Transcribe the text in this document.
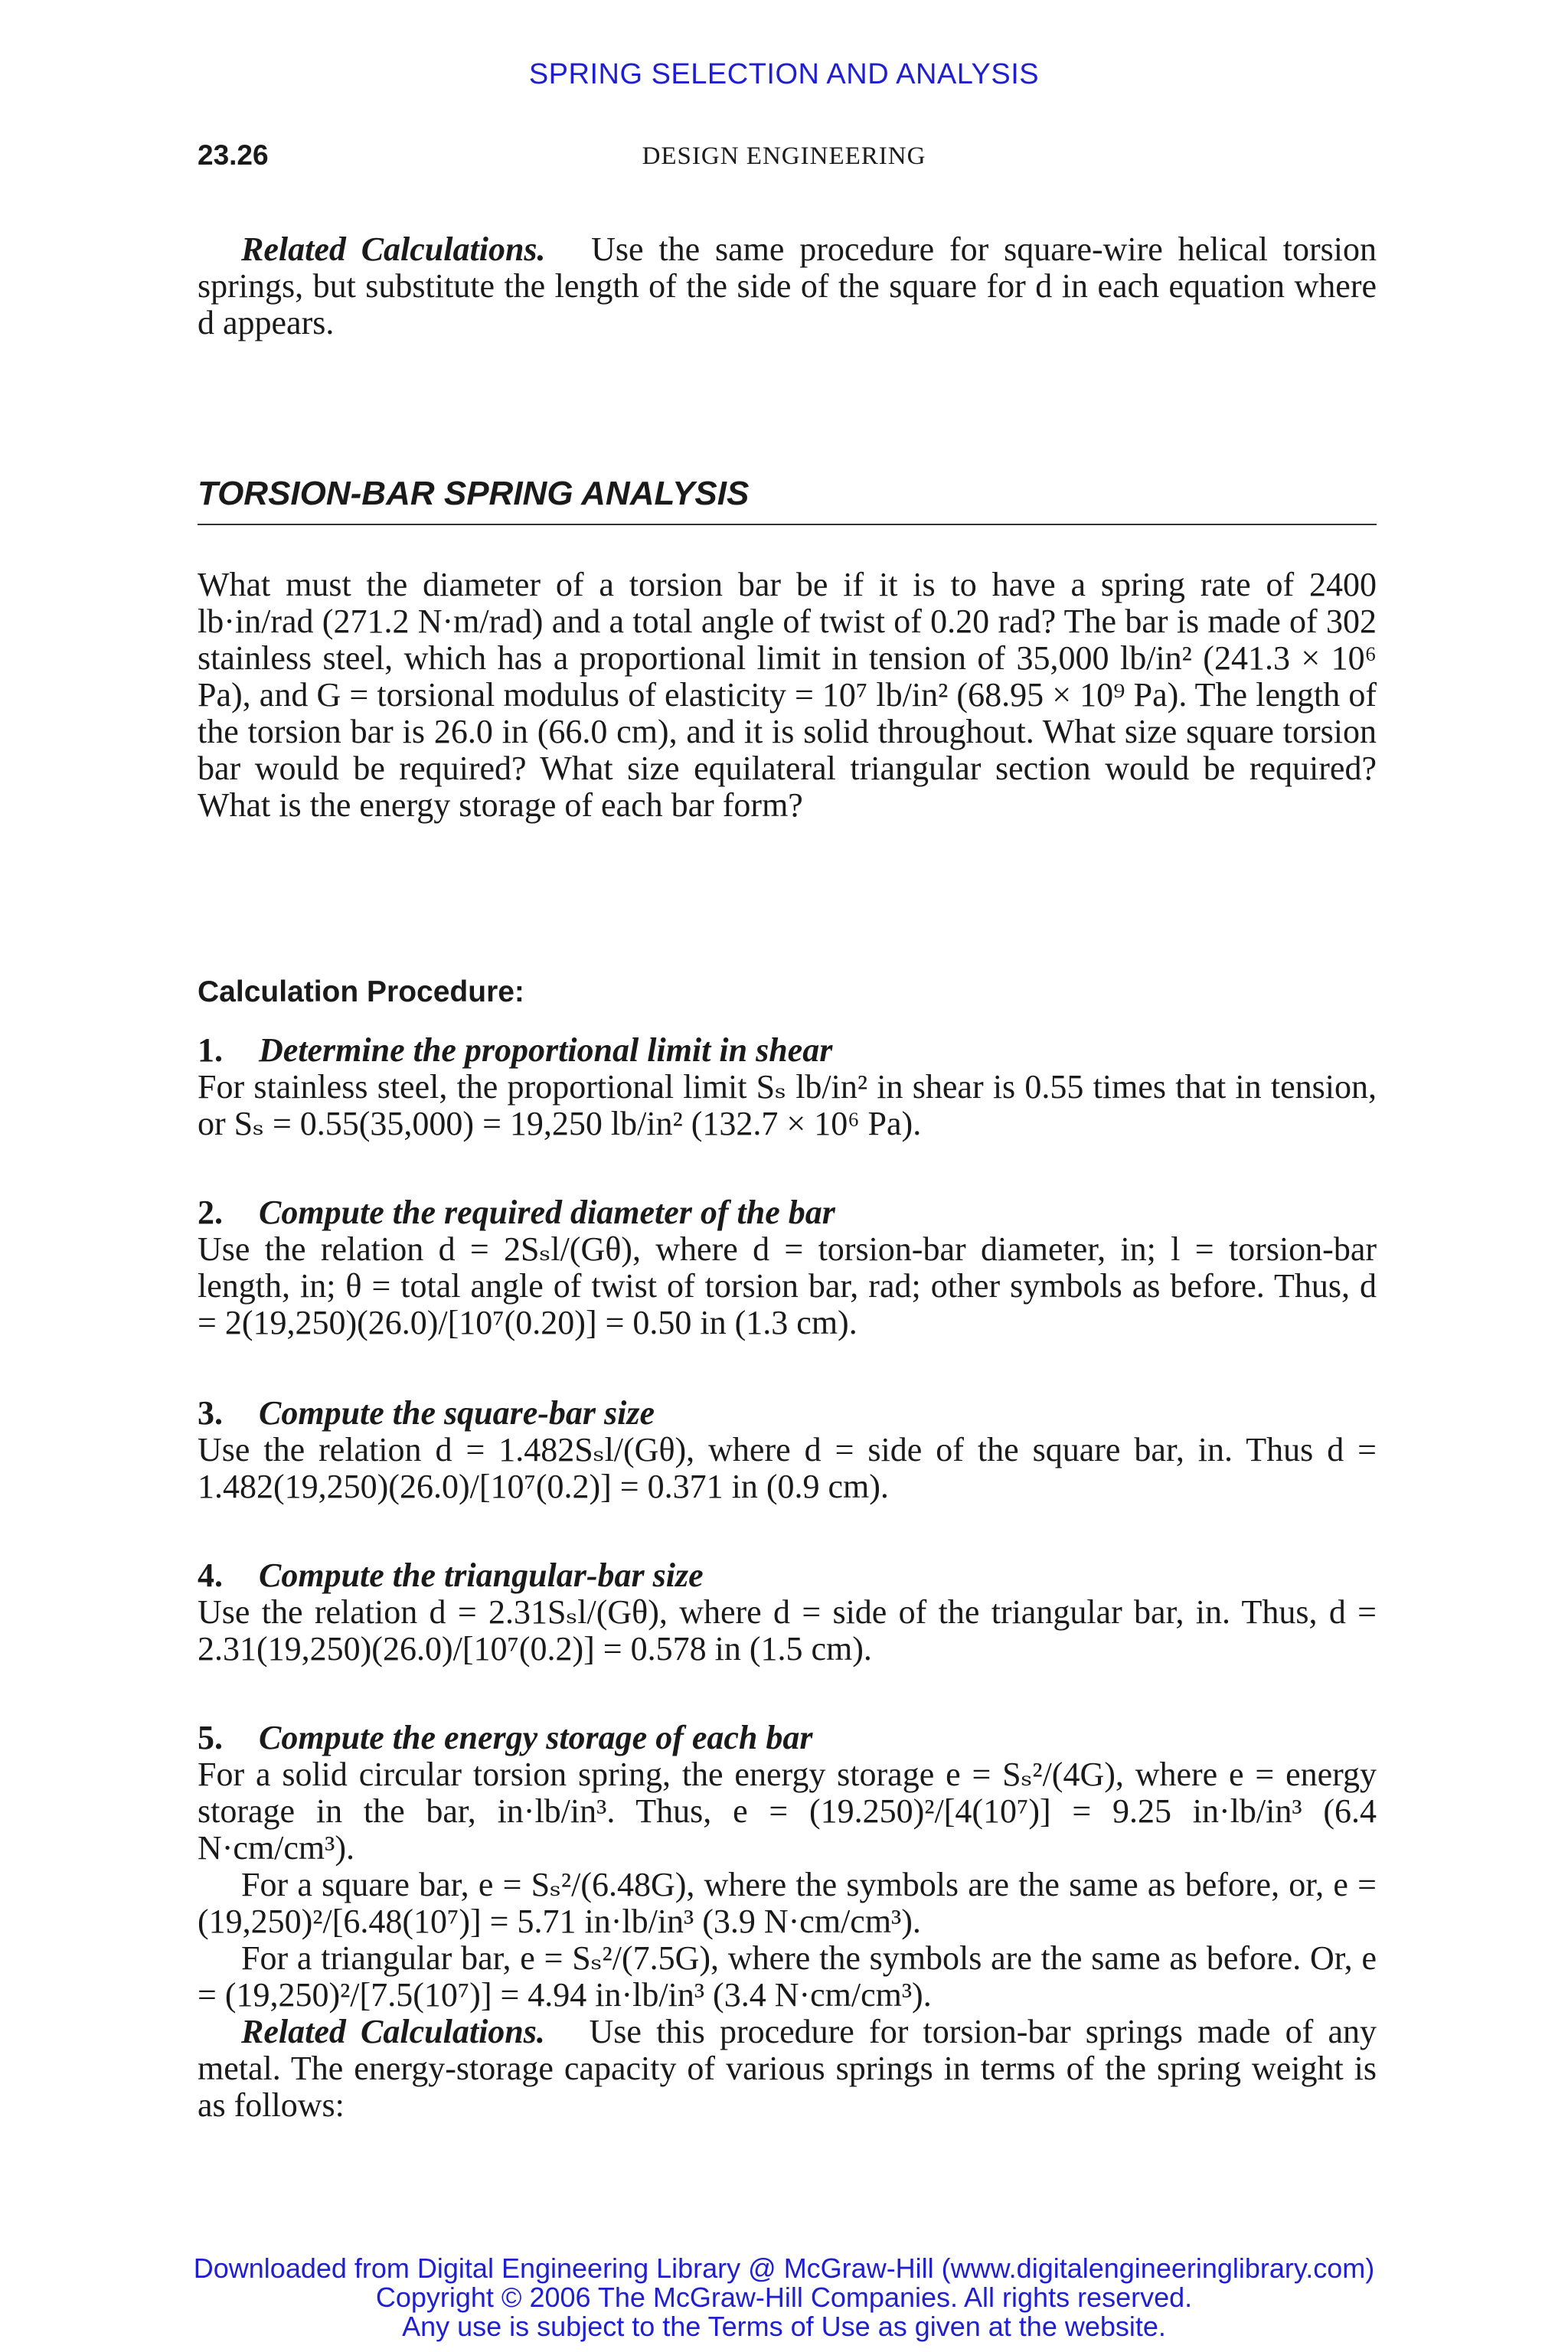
SPRING SELECTION AND ANALYSIS
23.26	DESIGN ENGINEERING
Related Calculations. Use the same procedure for square-wire helical torsion springs, but substitute the length of the side of the square for d in each equation where d appears.
TORSION-BAR SPRING ANALYSIS
What must the diameter of a torsion bar be if it is to have a spring rate of 2400 lb·in/rad (271.2 N·m/rad) and a total angle of twist of 0.20 rad? The bar is made of 302 stainless steel, which has a proportional limit in tension of 35,000 lb/in² (241.3 × 10⁶ Pa), and G = torsional modulus of elasticity = 10⁷ lb/in² (68.95 × 10⁹ Pa). The length of the torsion bar is 26.0 in (66.0 cm), and it is solid throughout. What size square torsion bar would be required? What size equilateral triangular section would be required? What is the energy storage of each bar form?
Calculation Procedure:
1. Determine the proportional limit in shear
For stainless steel, the proportional limit Sₛ lb/in² in shear is 0.55 times that in tension, or Sₛ = 0.55(35,000) = 19,250 lb/in² (132.7 × 10⁶ Pa).
2. Compute the required diameter of the bar
Use the relation d = 2Sₛl/(Gθ), where d = torsion-bar diameter, in; l = torsion-bar length, in; θ = total angle of twist of torsion bar, rad; other symbols as before. Thus, d = 2(19,250)(26.0)/[10⁷(0.20)] = 0.50 in (1.3 cm).
3. Compute the square-bar size
Use the relation d = 1.482Sₛl/(Gθ), where d = side of the square bar, in. Thus d = 1.482(19,250)(26.0)/[10⁷(0.2)] = 0.371 in (0.9 cm).
4. Compute the triangular-bar size
Use the relation d = 2.31Sₛl/(Gθ), where d = side of the triangular bar, in. Thus, d = 2.31(19,250)(26.0)/[10⁷(0.2)] = 0.578 in (1.5 cm).
5. Compute the energy storage of each bar
For a solid circular torsion spring, the energy storage e = Sₛ²/(4G), where e = energy storage in the bar, in·lb/in³. Thus, e = (19.250)²/[4(10⁷)] = 9.25 in·lb/in³ (6.4 N·cm/cm³).
For a square bar, e = Sₛ²/(6.48G), where the symbols are the same as before, or, e = (19,250)²/[6.48(10⁷)] = 5.71 in·lb/in³ (3.9 N·cm/cm³).
For a triangular bar, e = Sₛ²/(7.5G), where the symbols are the same as before. Or, e = (19,250)²/[7.5(10⁷)] = 4.94 in·lb/in³ (3.4 N·cm/cm³).
Related Calculations. Use this procedure for torsion-bar springs made of any metal. The energy-storage capacity of various springs in terms of the spring weight is as follows:
Downloaded from Digital Engineering Library @ McGraw-Hill (www.digitalengineeringlibrary.com)
Copyright © 2006 The McGraw-Hill Companies. All rights reserved.
Any use is subject to the Terms of Use as given at the website.
